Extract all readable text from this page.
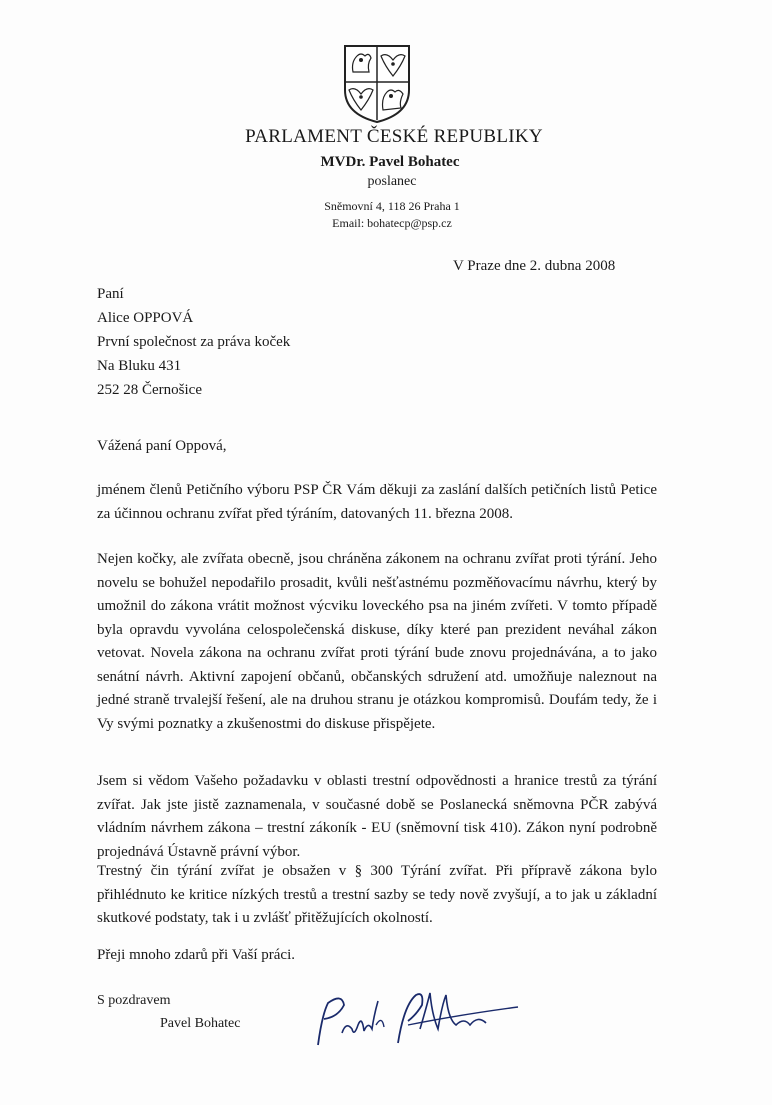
PARLAMENT ČESKÉ REPUBLIKY
MVDr. Pavel Bohatec
poslanec
Sněmovní 4, 118 26 Praha 1
Email: bohatecp@psp.cz
V Praze dne 2. dubna 2008
Paní
Alice OPPOVÁ
První společnost za práva koček
Na Bluku 431
252 28 Černošice
Vážená paní Oppová,
jménem členů Petičního výboru PSP ČR Vám děkuji za zaslání dalších petičních listů Petice za účinnou ochranu zvířat před týráním, datovaných 11. března 2008.
Nejen kočky, ale zvířata obecně, jsou chráněna zákonem na ochranu zvířat proti týrání. Jeho novelu se bohužel nepodařilo prosadit, kvůli nešťastnému pozměňovacímu návrhu, který by umožnil do zákona vrátit možnost výcviku loveckého psa na jiném zvířeti. V tomto případě byla opravdu vyvolána celospolečenská diskuse, díky které pan prezident neváhal zákon vetovat. Novela zákona na ochranu zvířat proti týrání bude znovu projednávána, a to jako senátní návrh. Aktivní zapojení občanů, občanských sdružení atd. umožňuje naleznout na jedné straně trvalejší řešení, ale na druhou stranu je otázkou kompromisů. Doufám tedy, že i Vy svými poznatky a zkušenostmi do diskuse přispějete.
Jsem si vědom Vašeho požadavku v oblasti trestní odpovědnosti a hranice trestů za týrání zvířat. Jak jste jistě zaznamenala, v současné době se Poslanecká sněmovna PČR zabývá vládním návrhem zákona – trestní zákoník - EU (sněmovní tisk 410). Zákon nyní podrobně projednává Ústavně právní výbor.
Trestný čin týrání zvířat je obsažen v § 300 Týrání zvířat. Při přípravě zákona bylo přihlédnuto ke kritice nízkých trestů a trestní sazby se tedy nově zvyšují, a to jak u základní skutkové podstaty, tak i u zvlášť přitěžujících okolností.
Přeji mnoho zdarů při Vaší práci.
S pozdravem
Pavel Bohatec
